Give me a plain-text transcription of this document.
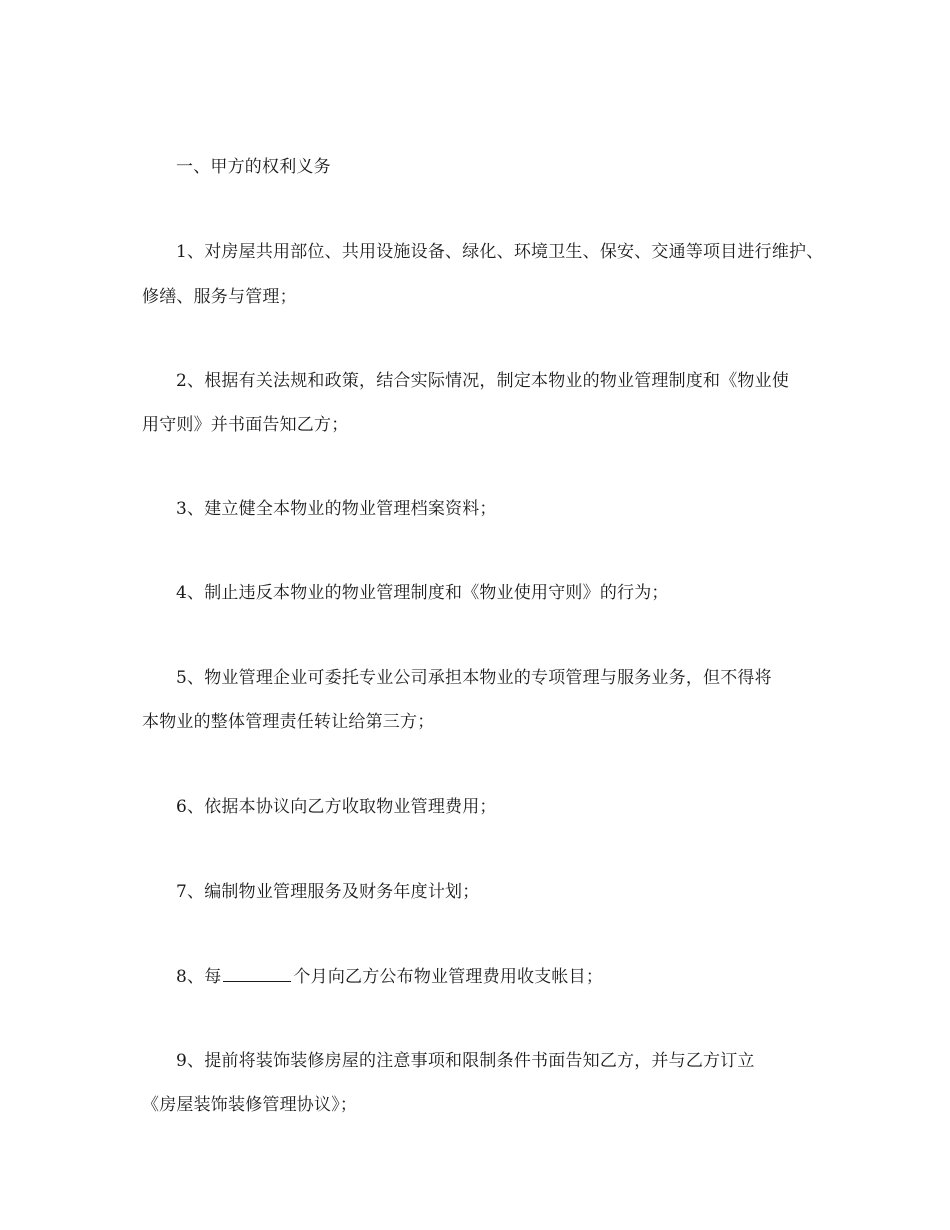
一、甲方的权利义务
1、对房屋共用部位、共用设施设备、绿化、环境卫生、保安、交通等项目进行维护、
修缮、服务与管理；
2、根据有关法规和政策，结合实际情况，制定本物业的物业管理制度和《物业使
用守则》并书面告知乙方；
3、建立健全本物业的物业管理档案资料；
4、制止违反本物业的物业管理制度和《物业使用守则》的行为；
5、物业管理企业可委托专业公司承担本物业的专项管理与服务业务，但不得将
本物业的整体管理责任转让给第三方；
6、依据本协议向乙方收取物业管理费用；
7、编制物业管理服务及财务年度计划；
8、每	个月向乙方公布物业管理费用收支帐目；
9、提前将装饰装修房屋的注意事项和限制条件书面告知乙方，并与乙方订立
《房屋装饰装修管理协议》；
